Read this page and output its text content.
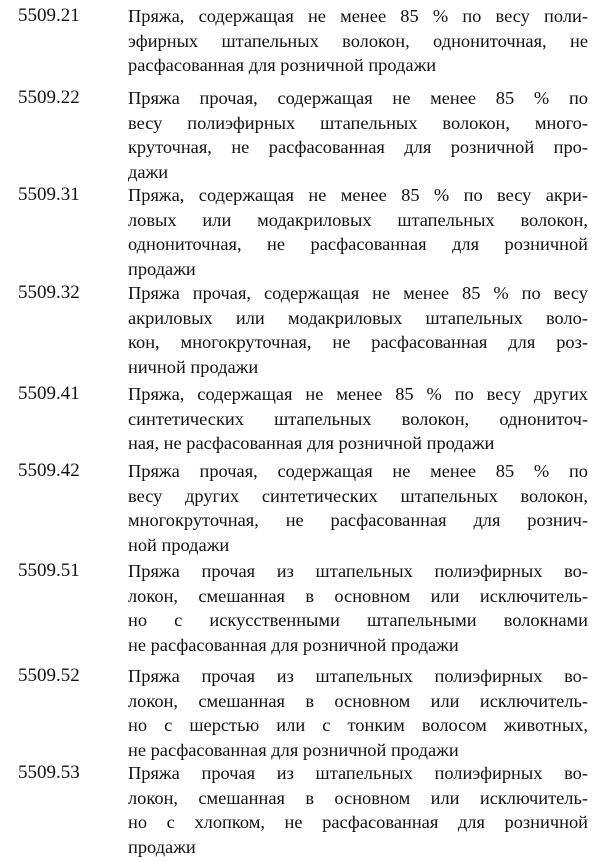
5509.21	Пряжа, содержащая не менее 85 % по весу поли-
эфирных штапельных волокон, однониточная, не
расфасованная для розничной продажи
5509.22	Пряжа прочая, содержащая не менее 85 % по
весу полиэфирных штапельных волокон, много-
круточная, не расфасованная для розничной про-
дажи
5509.31	Пряжа, содержащая не менее 85 % по весу акри-
ловых или модакриловых штапельных волокон,
однониточная, не расфасованная для розничной
продажи
5509.32	Пряжа прочая, содержащая не менее 85 % по весу
акриловых или модакриловых штапельных воло-
кон, многокруточная, не расфасованная для роз-
ничной продажи
5509.41	Пряжа, содержащая не менее 85 % по весу других
синтетических штапельных волокон, однониточ-
ная, не расфасованная для розничной продажи
5509.42	Пряжа прочая, содержащая не менее 85 % по
весу других синтетических штапельных волокон,
многокруточная, не расфасованная для рознич-
ной продажи
5509.51	Пряжа прочая из штапельных полиэфирных во-
локон, смешанная в основном или исключитель-
но с искусственными штапельными волокнами
не расфасованная для розничной продажи
5509.52	Пряжа прочая из штапельных полиэфирных во-
локон, смешанная в основном или исключитель-
но с шерстью или с тонким волосом животных,
не расфасованная для розничной продажи
5509.53	Пряжа прочая из штапельных полиэфирных во-
локон, смешанная в основном или исключитель-
но с хлопком, не расфасованная для розничной
продажи
